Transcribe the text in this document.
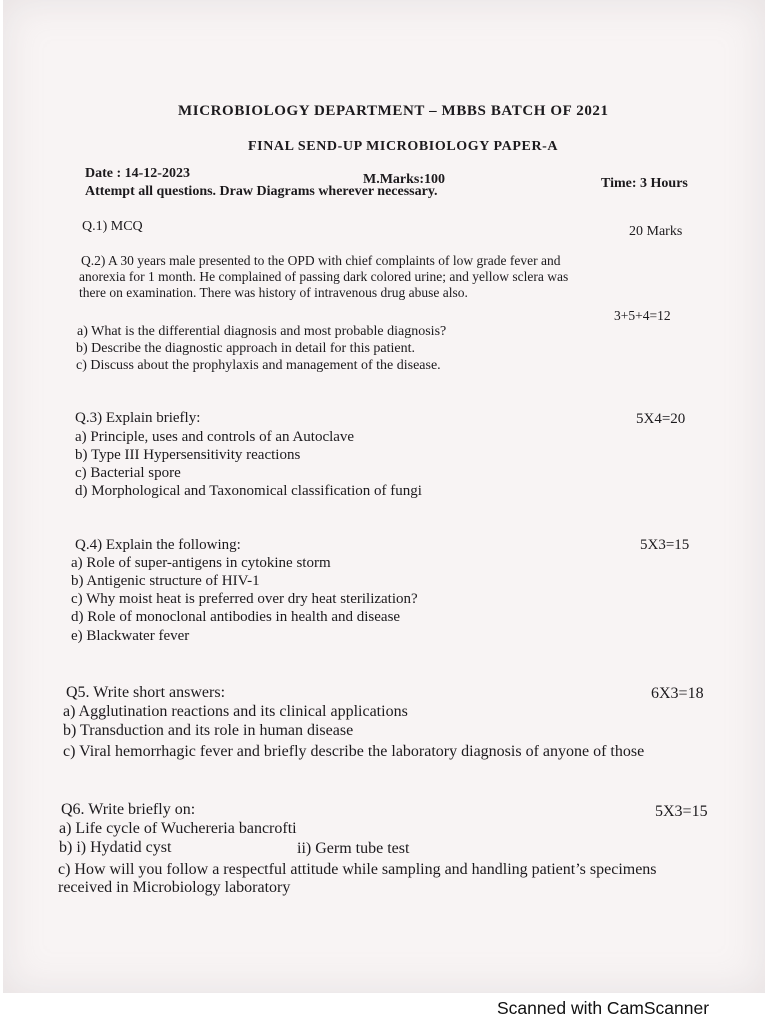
MICROBIOLOGY DEPARTMENT – MBBS BATCH OF 2021
FINAL SEND-UP MICROBIOLOGY PAPER-A
Date : 14-12-2023	M.Marks:100	Time: 3 Hours
Attempt all questions. Draw Diagrams wherever necessary.
Q.1) MCQ	20 Marks
Q.2) A 30 years male presented to the OPD with chief complaints of low grade fever and
anorexia for 1 month. He complained of passing dark colored urine; and yellow sclera was
there on examination. There was history of intravenous drug abuse also.
3+5+4=12
a) What is the differential diagnosis and most probable diagnosis?
b) Describe the diagnostic approach in detail for this patient.
c) Discuss about the prophylaxis and management of the disease.
Q.3) Explain briefly:	5X4=20
a) Principle, uses and controls of an Autoclave
b) Type III Hypersensitivity reactions
c) Bacterial spore
d) Morphological and Taxonomical classification of fungi
Q.4) Explain the following:	5X3=15
a) Role of super-antigens in cytokine storm
b) Antigenic structure of HIV-1
c) Why moist heat is preferred over dry heat sterilization?
d) Role of monoclonal antibodies in health and disease
e) Blackwater fever
Q5. Write short answers:	6X3=18
a) Agglutination reactions and its clinical applications
b) Transduction and its role in human disease
c) Viral hemorrhagic fever and briefly describe the laboratory diagnosis of anyone of those
Q6. Write briefly on:	5X3=15
a) Life cycle of Wuchereria bancrofti
b) i) Hydatid cyst	ii) Germ tube test
c) How will you follow a respectful attitude while sampling and handling patient’s specimens
received in Microbiology laboratory
Scanned with CamScanner
